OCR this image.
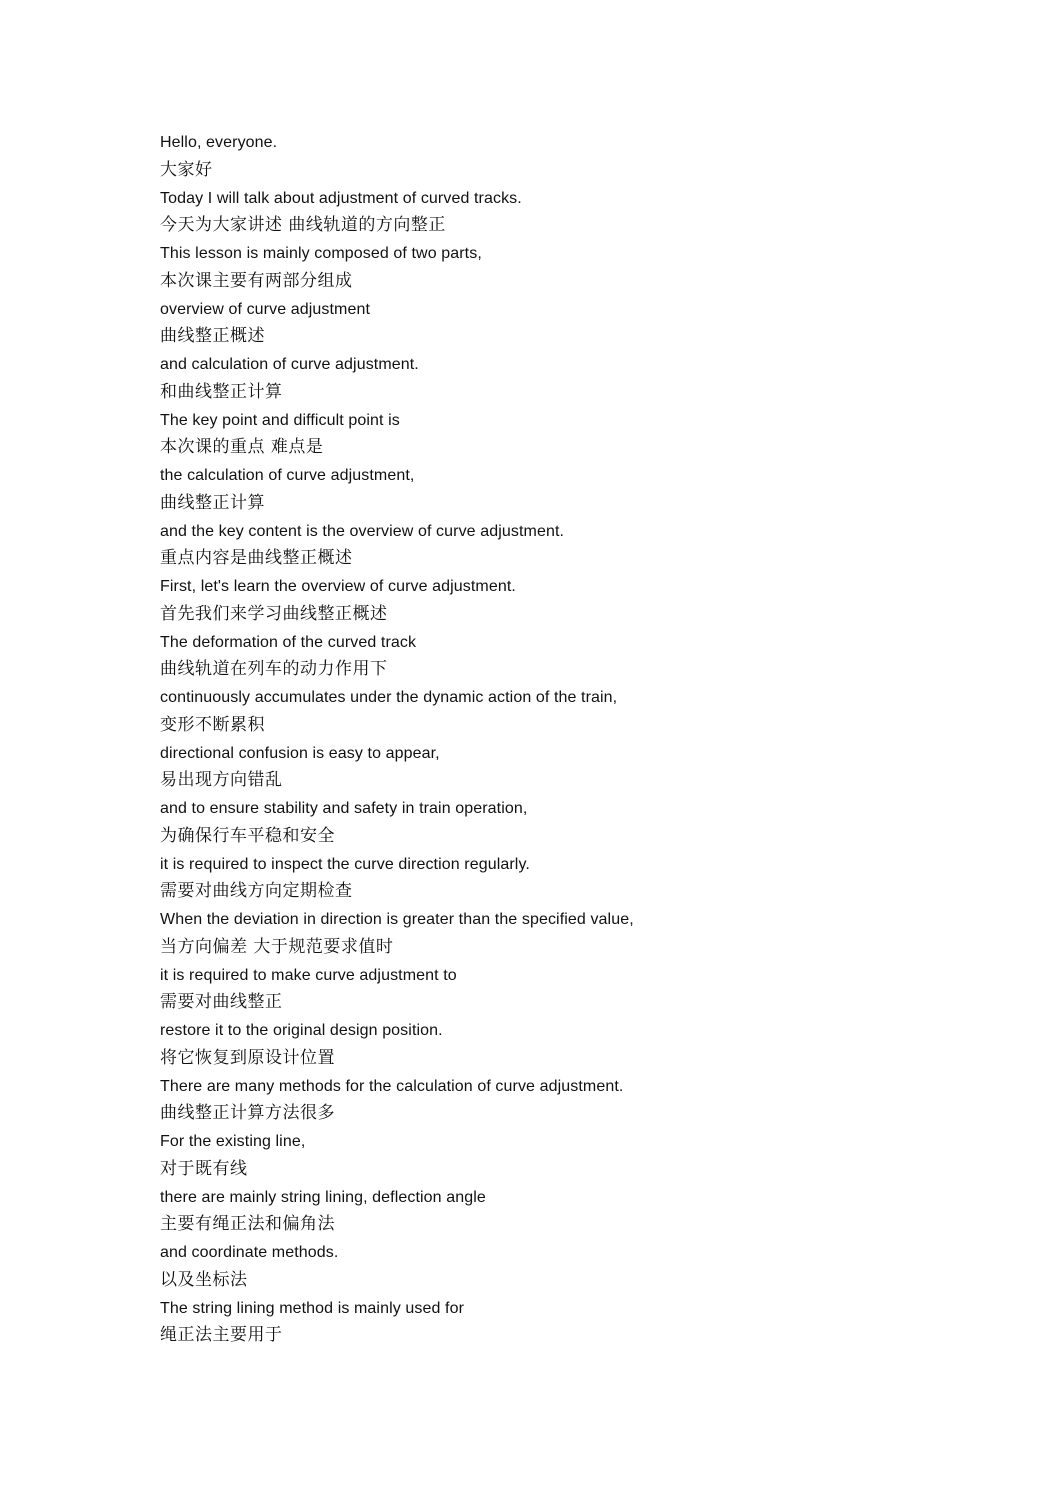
Hello, everyone.
大家好
Today I will talk about adjustment of curved tracks.
今天为大家讲述 曲线轨道的方向整正
This lesson is mainly composed of two parts,
本次课主要有两部分组成
overview of curve adjustment
曲线整正概述
and calculation of curve adjustment.
和曲线整正计算
The key point and difficult point is
本次课的重点 难点是
the calculation of curve adjustment,
曲线整正计算
and the key content is the overview of curve adjustment.
重点内容是曲线整正概述
First, let's learn the overview of curve adjustment.
首先我们来学习曲线整正概述
The deformation of the curved track
曲线轨道在列车的动力作用下
continuously accumulates under the dynamic action of the train,
变形不断累积
directional confusion is easy to appear,
易出现方向错乱
and to ensure stability and safety in train operation,
为确保行车平稳和安全
it is required to inspect the curve direction regularly.
需要对曲线方向定期检查
When the deviation in direction is greater than the specified value,
当方向偏差 大于规范要求值时
it is required to make curve adjustment to
需要对曲线整正
restore it to the original design position.
将它恢复到原设计位置
There are many methods for the calculation of curve adjustment.
曲线整正计算方法很多
For the existing line,
对于既有线
there are mainly string lining, deflection angle
主要有绳正法和偏角法
and coordinate methods.
以及坐标法
The string lining method is mainly used for
绳正法主要用于
